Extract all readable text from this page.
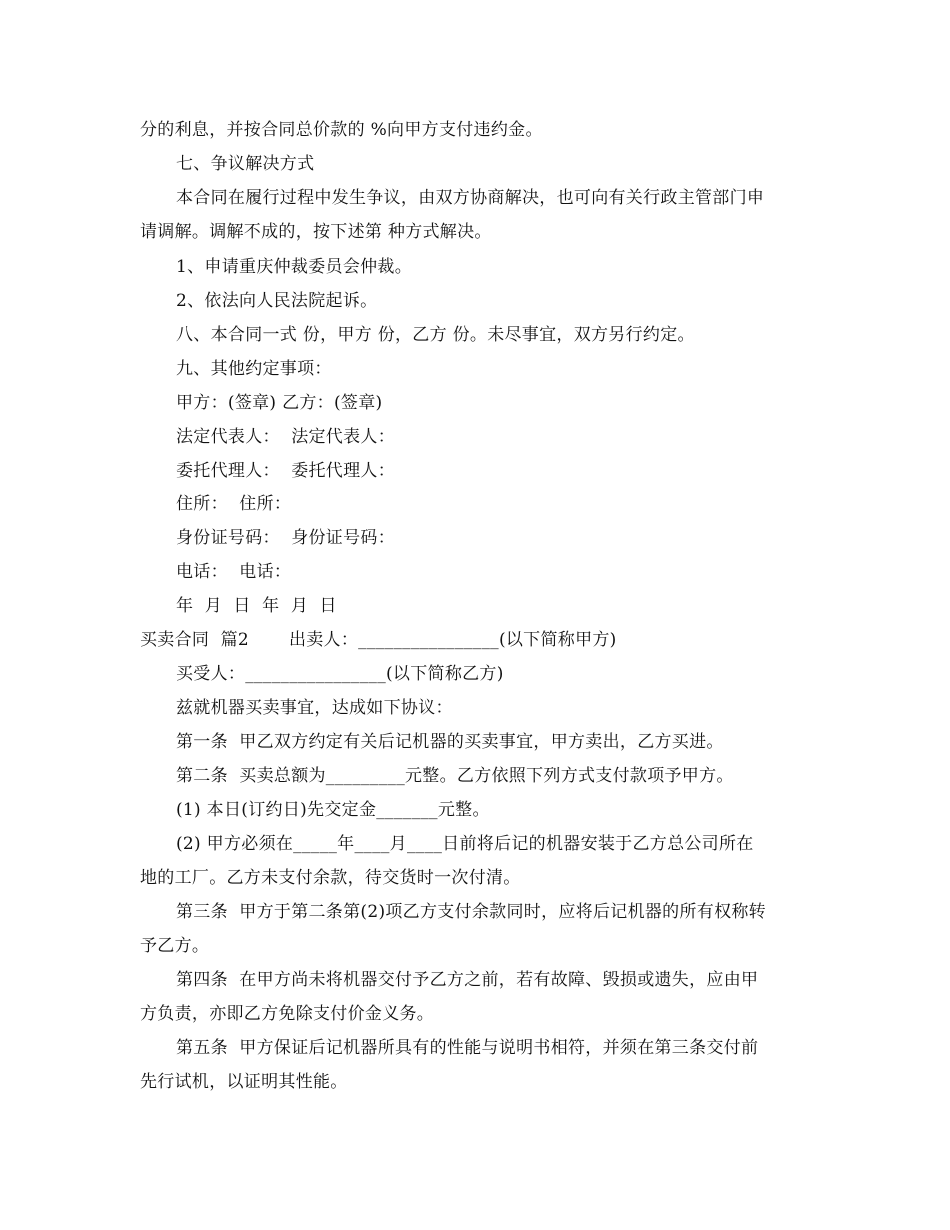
分的利息，并按合同总价款的 %向甲方支付违约金。
七、争议解决方式
本合同在履行过程中发生争议，由双方协商解决，也可向有关行政主管部门申
请调解。调解不成的，按下述第 种方式解决。
1、申请重庆仲裁委员会仲裁。
2、依法向人民法院起诉。
八、本合同一式 份，甲方 份，乙方 份。未尽事宜，双方另行约定。
九、其他约定事项：
甲方：(签章) 乙方：(签章)
法定代表人：  法定代表人：
委托代理人：  委托代理人：
住所：  住所：
身份证号码：  身份证号码：
电话：  电话：
年  月  日  年  月  日
买卖合同  篇2       出卖人：________________(以下简称甲方)
买受人：________________(以下简称乙方)
兹就机器买卖事宜，达成如下协议：
第一条  甲乙双方约定有关后记机器的买卖事宜，甲方卖出，乙方买进。
第二条  买卖总额为_________元整。乙方依照下列方式支付款项予甲方。
(1) 本日(订约日)先交定金_______元整。
(2) 甲方必须在_____年____月____日前将后记的机器安装于乙方总公司所在
地的工厂。乙方未支付余款，待交货时一次付清。
第三条  甲方于第二条第(2)项乙方支付余款同时，应将后记机器的所有权称转
予乙方。
第四条  在甲方尚未将机器交付予乙方之前，若有故障、毁损或遗失，应由甲
方负责，亦即乙方免除支付价金义务。
第五条  甲方保证后记机器所具有的性能与说明书相符，并须在第三条交付前
先行试机，以证明其性能。
